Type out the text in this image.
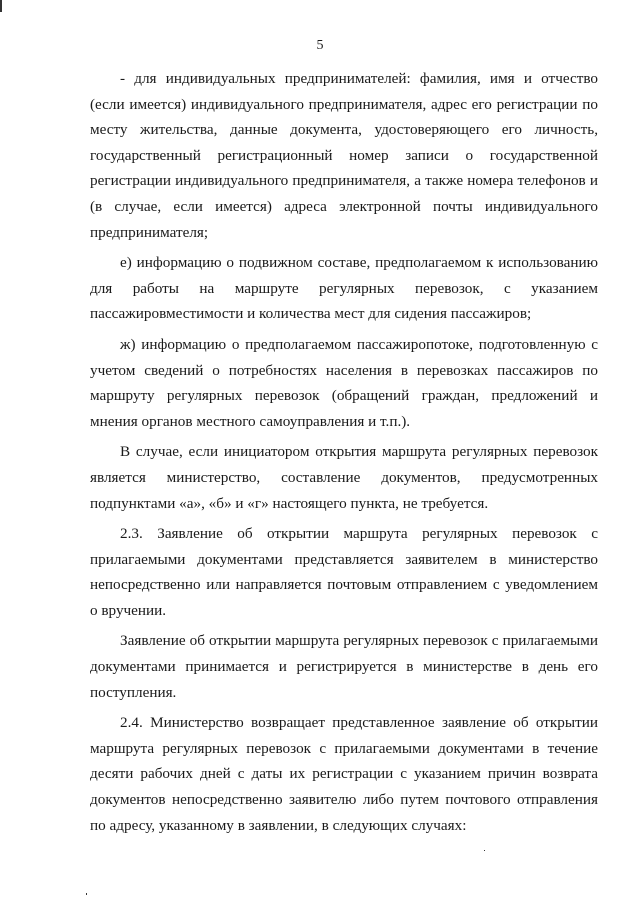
5

- для индивидуальных предпринимателей: фамилия, имя и отчество (если имеется) индивидуального предпринимателя, адрес его регистрации по месту жительства, данные документа, удостоверяющего его личность, государственный регистрационный номер записи о государственной регистрации индивидуального предпринимателя, а также номера телефонов и (в случае, если имеется) адреса электронной почты индивидуального предпринимателя;

е) информацию о подвижном составе, предполагаемом к использованию для работы на маршруте регулярных перевозок, с указанием пассажировместимости и количества мест для сидения пассажиров;

ж) информацию о предполагаемом пассажиропотоке, подготовленную с учетом сведений о потребностях населения в перевозках пассажиров по маршруту регулярных перевозок (обращений граждан, предложений и мнения органов местного самоуправления и т.п.).

В случае, если инициатором открытия маршрута регулярных перевозок является министерство, составление документов, предусмотренных подпунктами «а», «б» и «г» настоящего пункта, не требуется.

2.3. Заявление об открытии маршрута регулярных перевозок с прилагаемыми документами представляется заявителем в министерство непосредственно или направляется почтовым отправлением с уведомлением о вручении.

Заявление об открытии маршрута регулярных перевозок с прилагаемыми документами принимается и регистрируется в министерстве в день его поступления.

2.4. Министерство возвращает представленное заявление об открытии маршрута регулярных перевозок с прилагаемыми документами в течение десяти рабочих дней с даты их регистрации с указанием причин возврата документов непосредственно заявителю либо путем почтового отправления по адресу, указанному в заявлении, в следующих случаях:
